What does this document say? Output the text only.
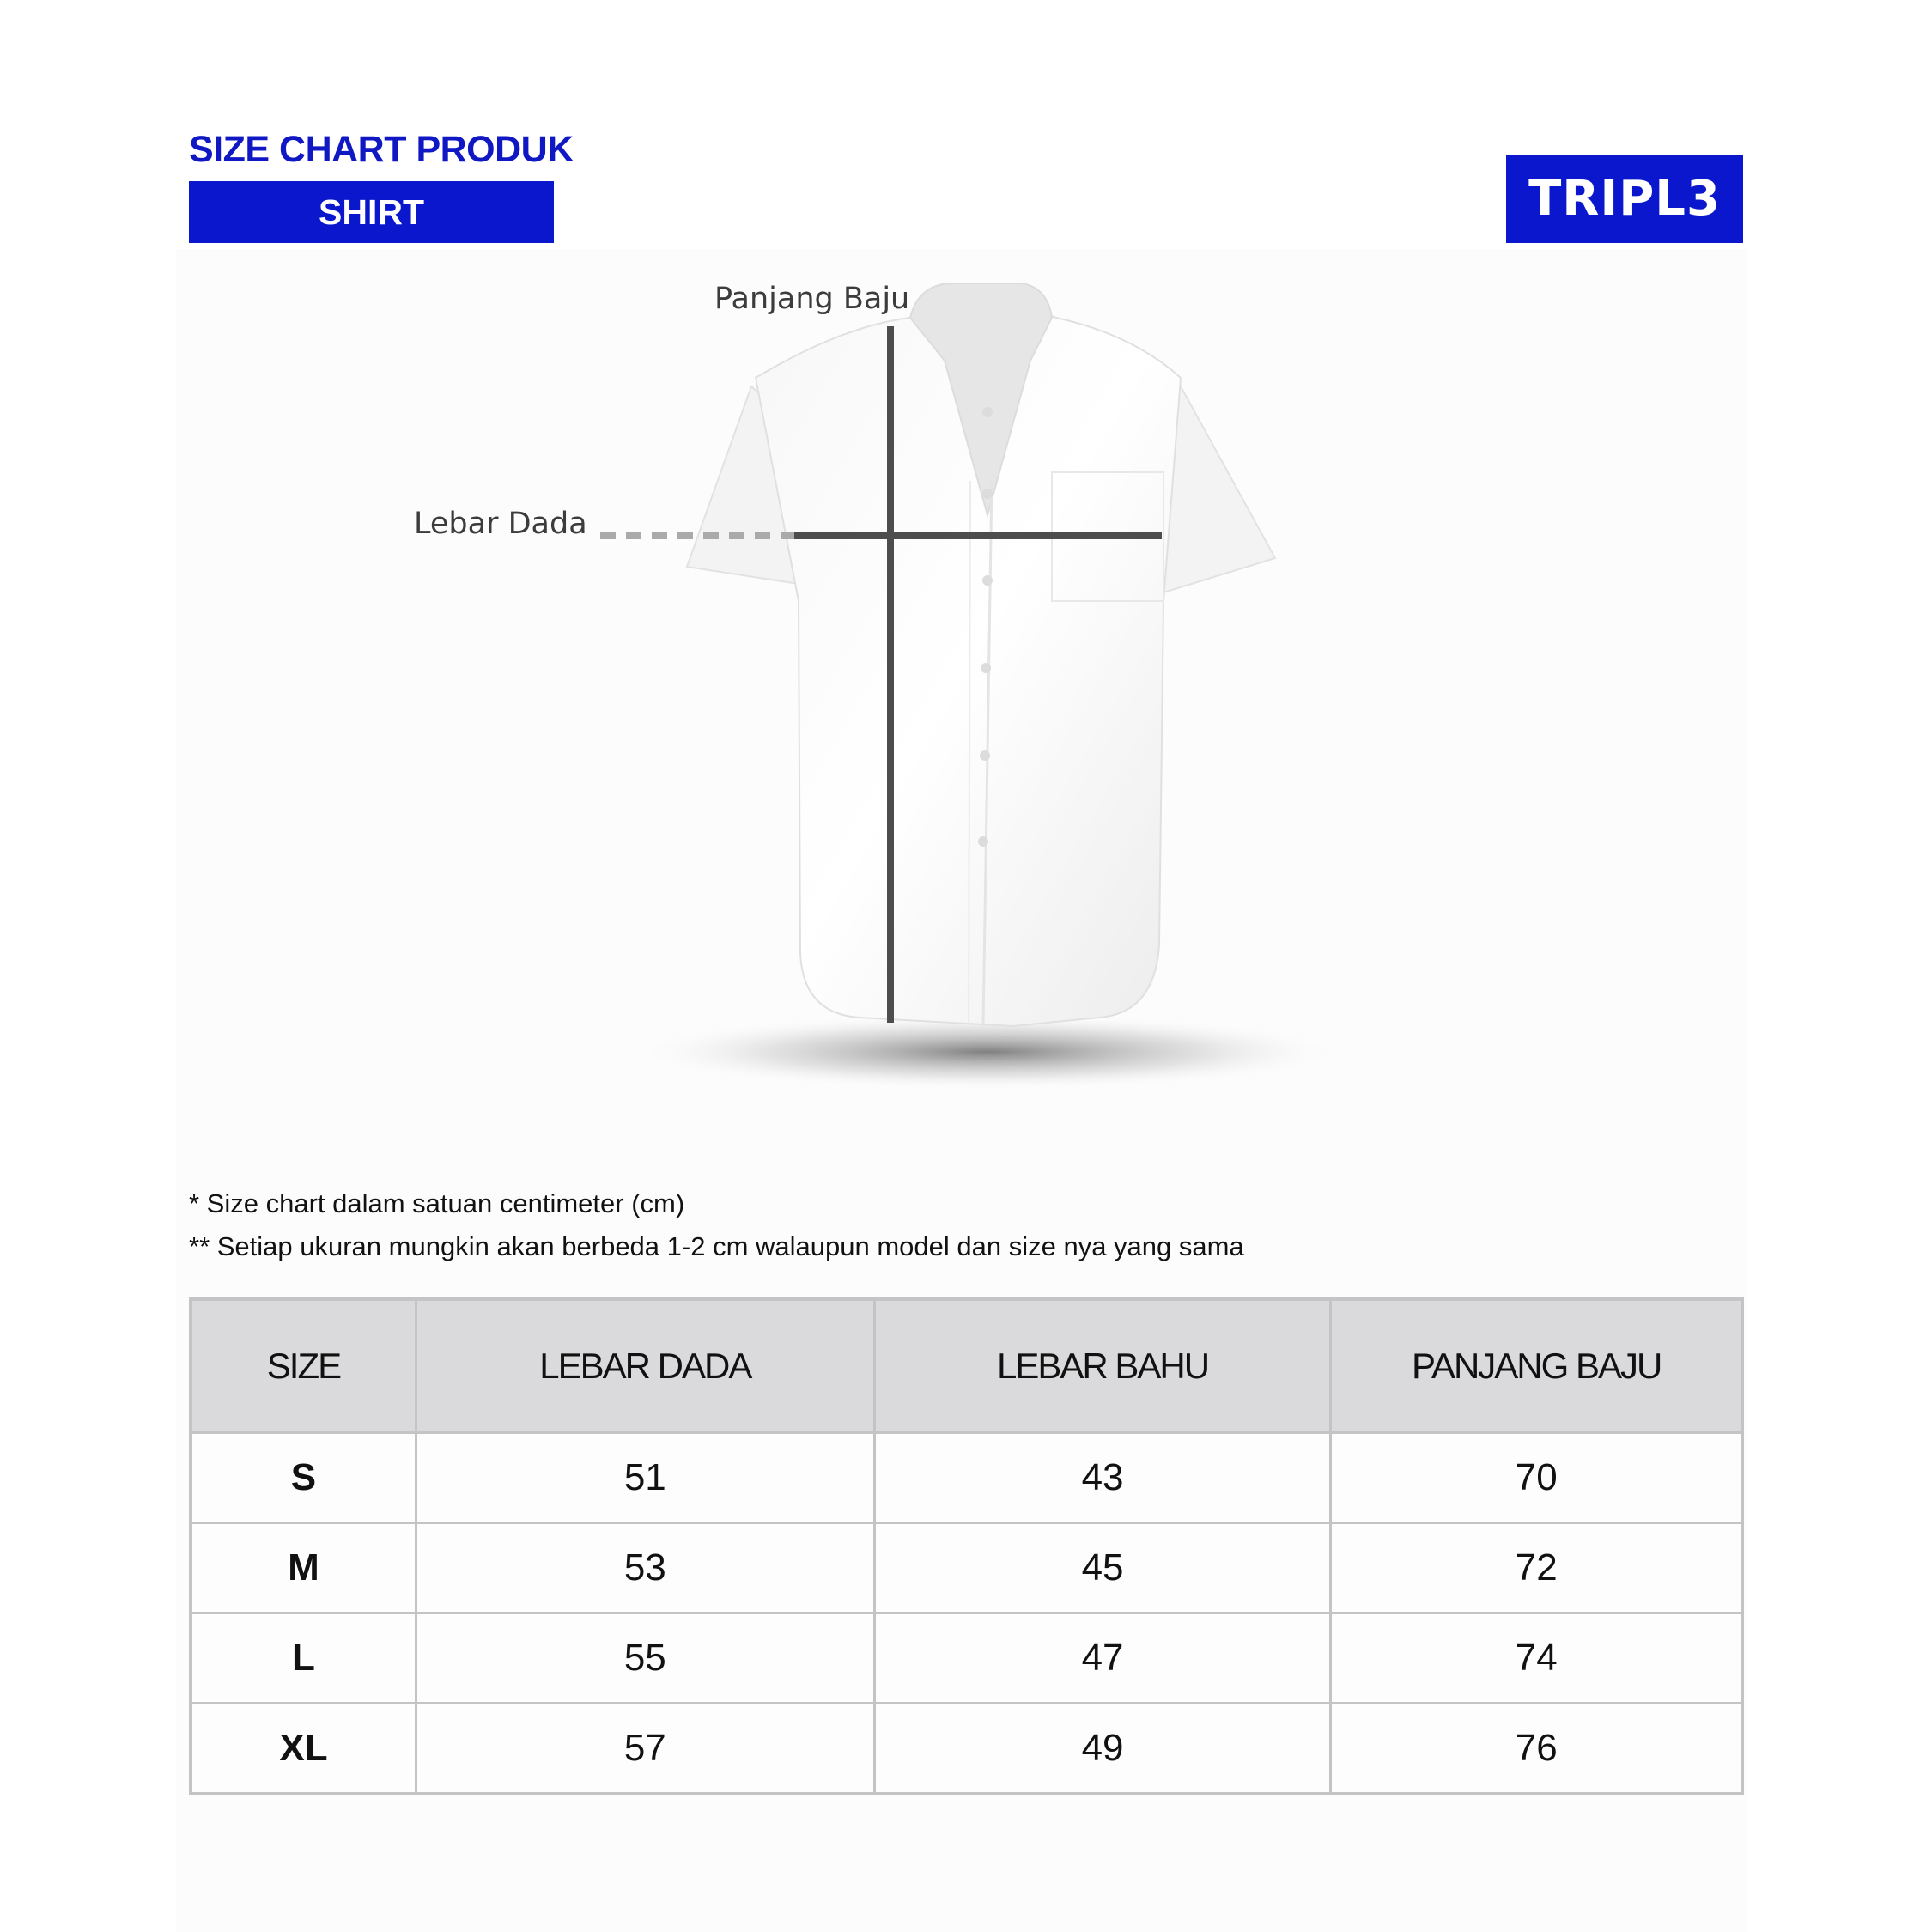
SIZE CHART PRODUK
SHIRT	TRIPL3
Panjang Baju
Lebar Dada
* Size chart dalam satuan centimeter (cm)
** Setiap ukuran mungkin akan berbeda 1-2 cm walaupun model dan size nya yang sama
SIZE	LEBAR DADA	LEBAR BAHU	PANJANG BAJU
S	51	43	70
M	53	45	72
L	55	47	74
XL	57	49	76
